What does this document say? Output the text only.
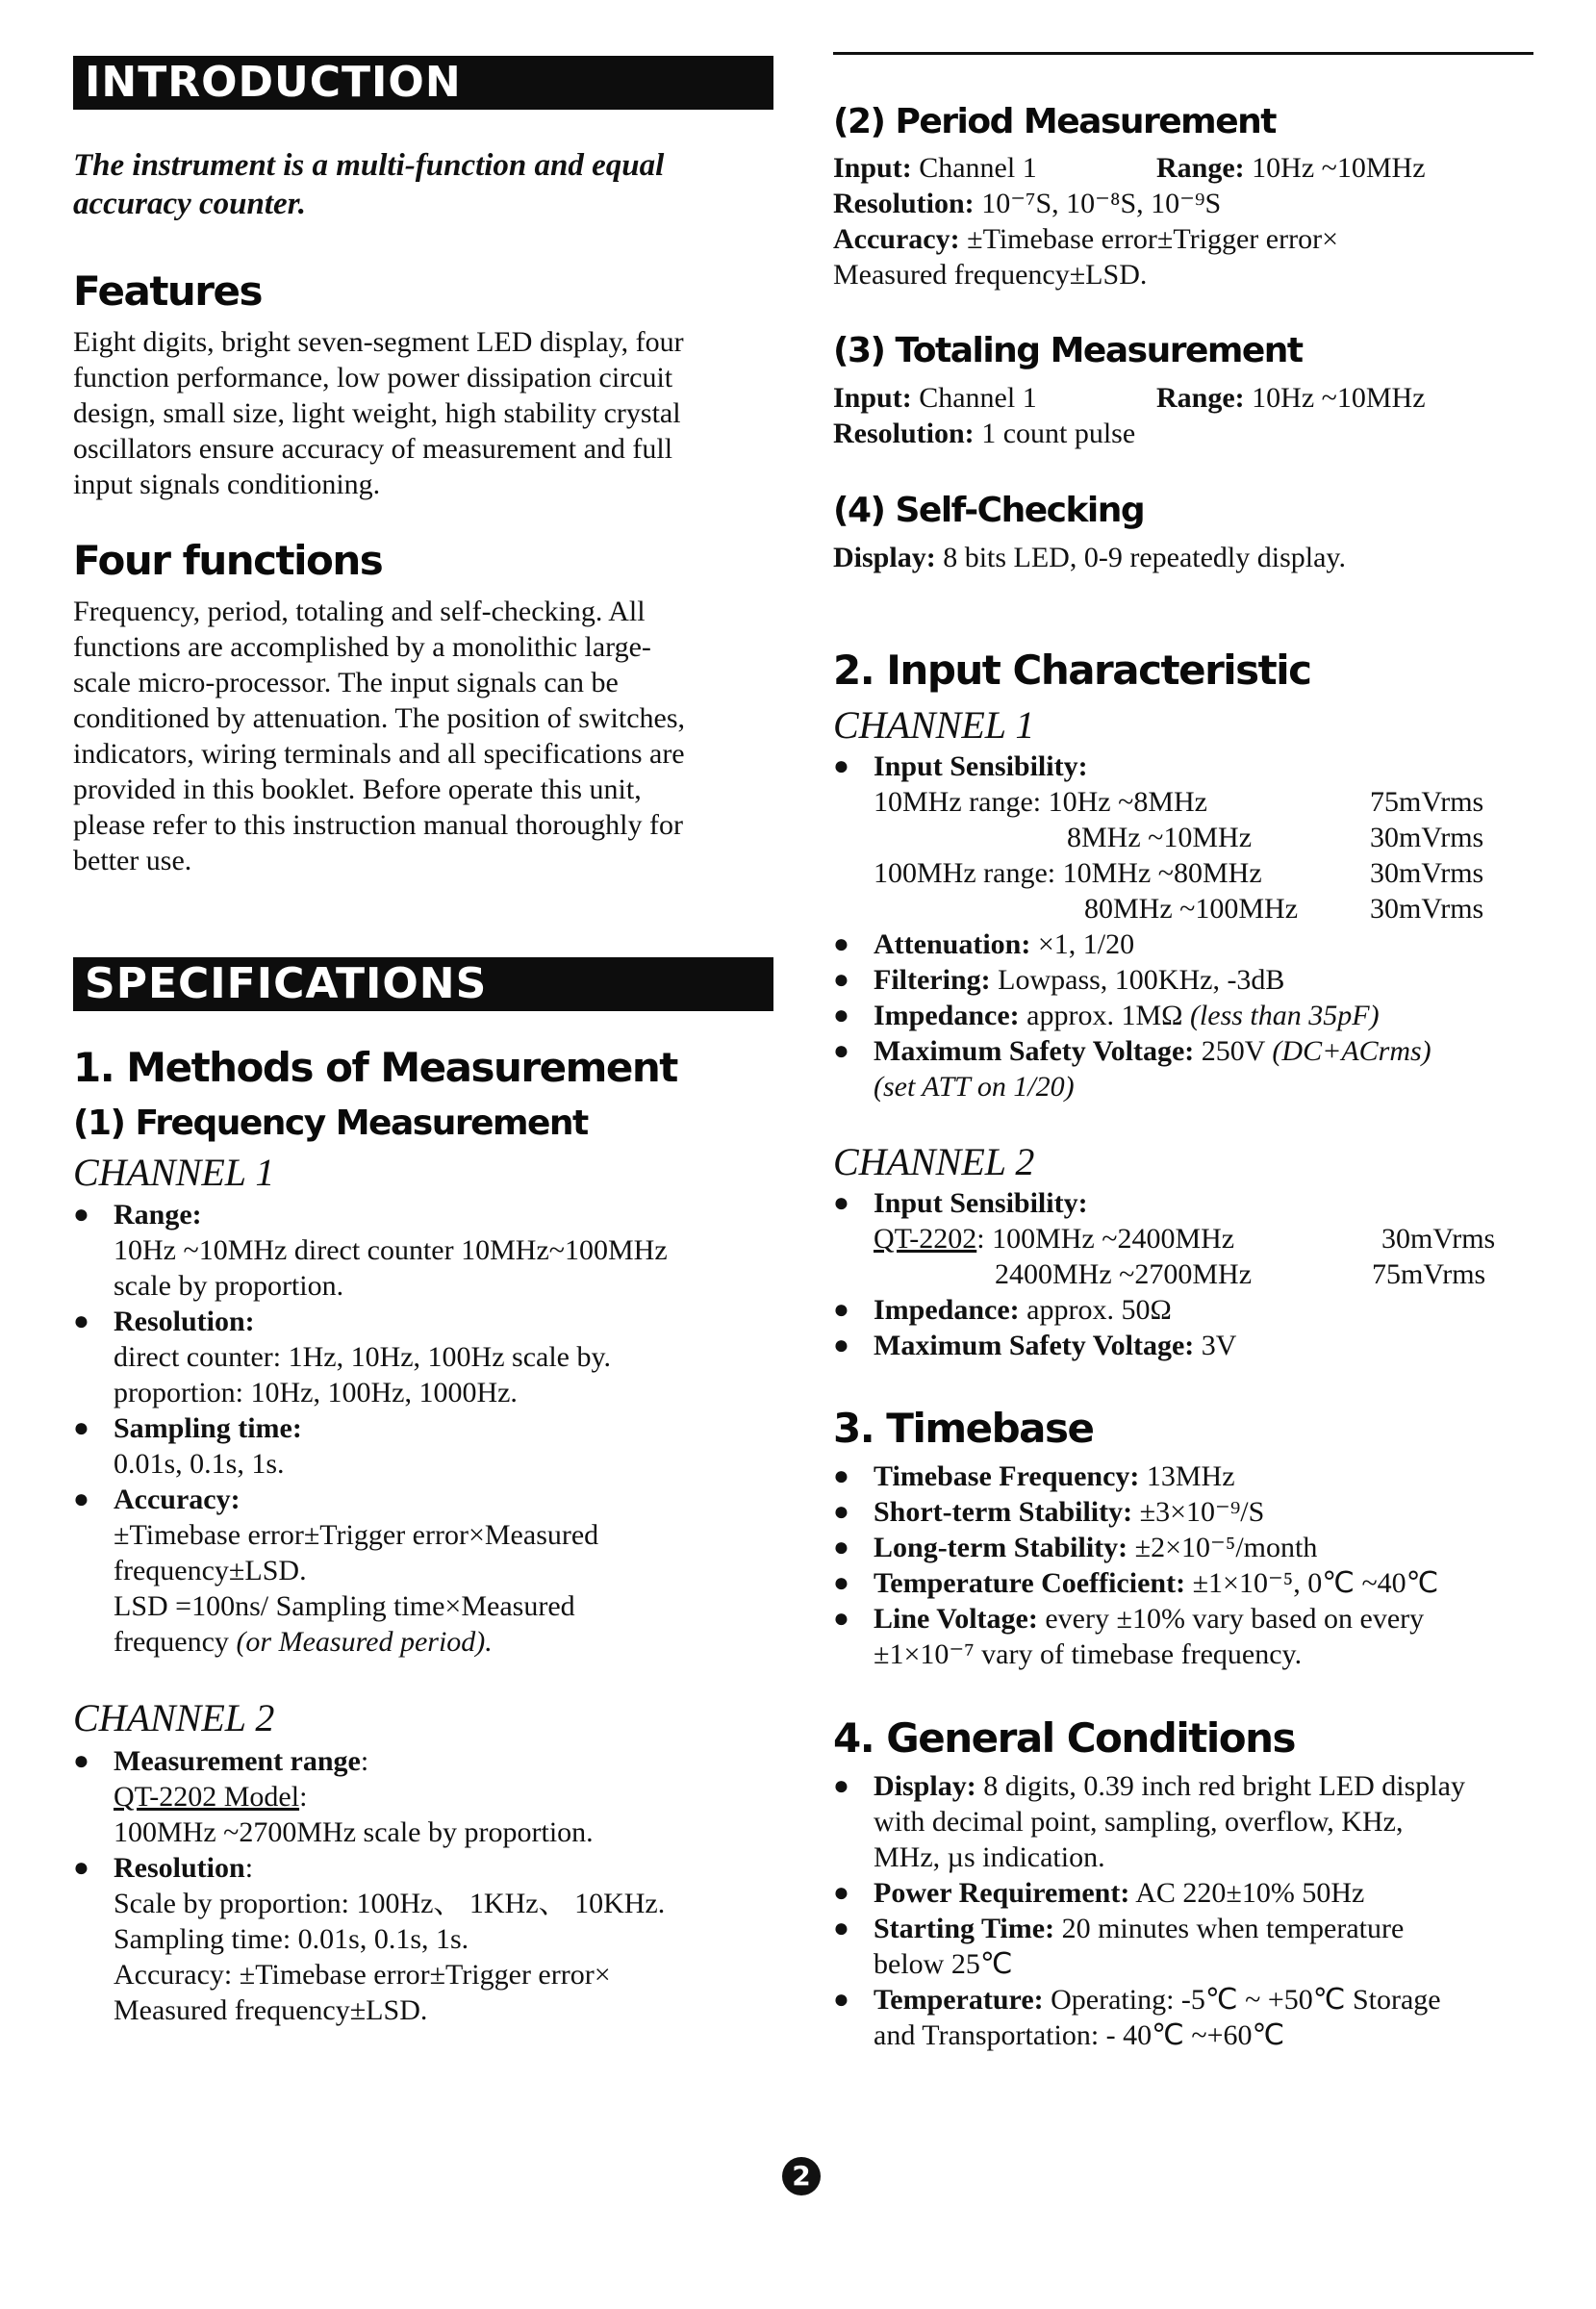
INTRODUCTION

The instrument is a multi-function and equal

accuracy counter.

Features

Eight digits, bright seven-segment LED display, four

function performance, low power dissipation circuit

design, small size, light weight, high stability crystal

oscillators ensure accuracy of measurement and full

input signals conditioning.

Four functions

Frequency, period, totaling and self-checking. All

functions are accomplished by a monolithic large-

scale micro-processor. The input signals can be

conditioned by attenuation. The position of switches,

indicators, wiring terminals and all specifications are

provided in this booklet. Before operate this unit,

please refer to this instruction manual thoroughly for

better use.

SPECIFICATIONS
1. Methods of Measurement
(1) Frequency Measurement
CHANNEL 1
● Range:
10Hz ~10MHz direct counter 10MHz~100MHz
scale by proportion.
● Resolution:
direct counter: 1Hz, 10Hz, 100Hz scale by.
proportion: 10Hz, 100Hz, 1000Hz.
● Sampling time:
0.01s, 0.1s, 1s.
● Accuracy:
±Timebase error±Trigger error×Measured
frequency±LSD.
LSD =100ns/ Sampling time×Measured
frequency (or Measured period).
CHANNEL 2
● Measurement range:
QT-2202 Model:
100MHz ~2700MHz scale by proportion.
● Resolution:
Scale by proportion: 100Hz、 1KHz、 10KHz.
Sampling time: 0.01s, 0.1s, 1s.
Accuracy: ±Timebase error±Trigger error×
Measured frequency±LSD.
(2) Period Measurement
Input: Channel 1	Range: 10Hz ~10MHz
Resolution: 10⁻⁷S, 10⁻⁸S, 10⁻⁹S
Accuracy: ±Timebase error±Trigger error×
Measured frequency±LSD.
(3) Totaling Measurement
Input: Channel 1	Range: 10Hz ~10MHz
Resolution: 1 count pulse
(4) Self-Checking
Display: 8 bits LED, 0-9 repeatedly display.
2. Input Characteristic
CHANNEL 1
● Input Sensibility:
10MHz range: 10Hz ~8MHz	75mVrms
8MHz ~10MHz	30mVrms
100MHz range: 10MHz ~80MHz	30mVrms
80MHz ~100MHz 30mVrms
● Attenuation: ×1, 1/20
● Filtering: Lowpass, 100KHz, -3dB
● Impedance: approx. 1MΩ (less than 35pF)
● Maximum Safety Voltage: 250V (DC+ACrms)
(set ATT on 1/20)
CHANNEL 2
● Input Sensibility:
QT-2202: 100MHz ~2400MHz	30mVrms
2400MHz ~2700MHz	75mVrms
● Impedance: approx. 50Ω
● Maximum Safety Voltage: 3V
3. Timebase
● Timebase Frequency: 13MHz
● Short-term Stability: ±3×10⁻⁹/S
● Long-term Stability: ±2×10⁻⁵/month
● Temperature Coefficient: ±1×10⁻⁵, 0℃ ~40℃
● Line Voltage: every ±10% vary based on every
±1×10⁻⁷ vary of timebase frequency.
4. General Conditions
● Display: 8 digits, 0.39 inch red bright LED display
with decimal point, sampling, overflow, KHz,
MHz, µs indication.
● Power Requirement: AC 220±10% 50Hz
● Starting Time: 20 minutes when temperature
below 25℃
● Temperature: Operating: -5℃ ~ +50℃ Storage
and Transportation: - 40℃ ~+60℃
2
